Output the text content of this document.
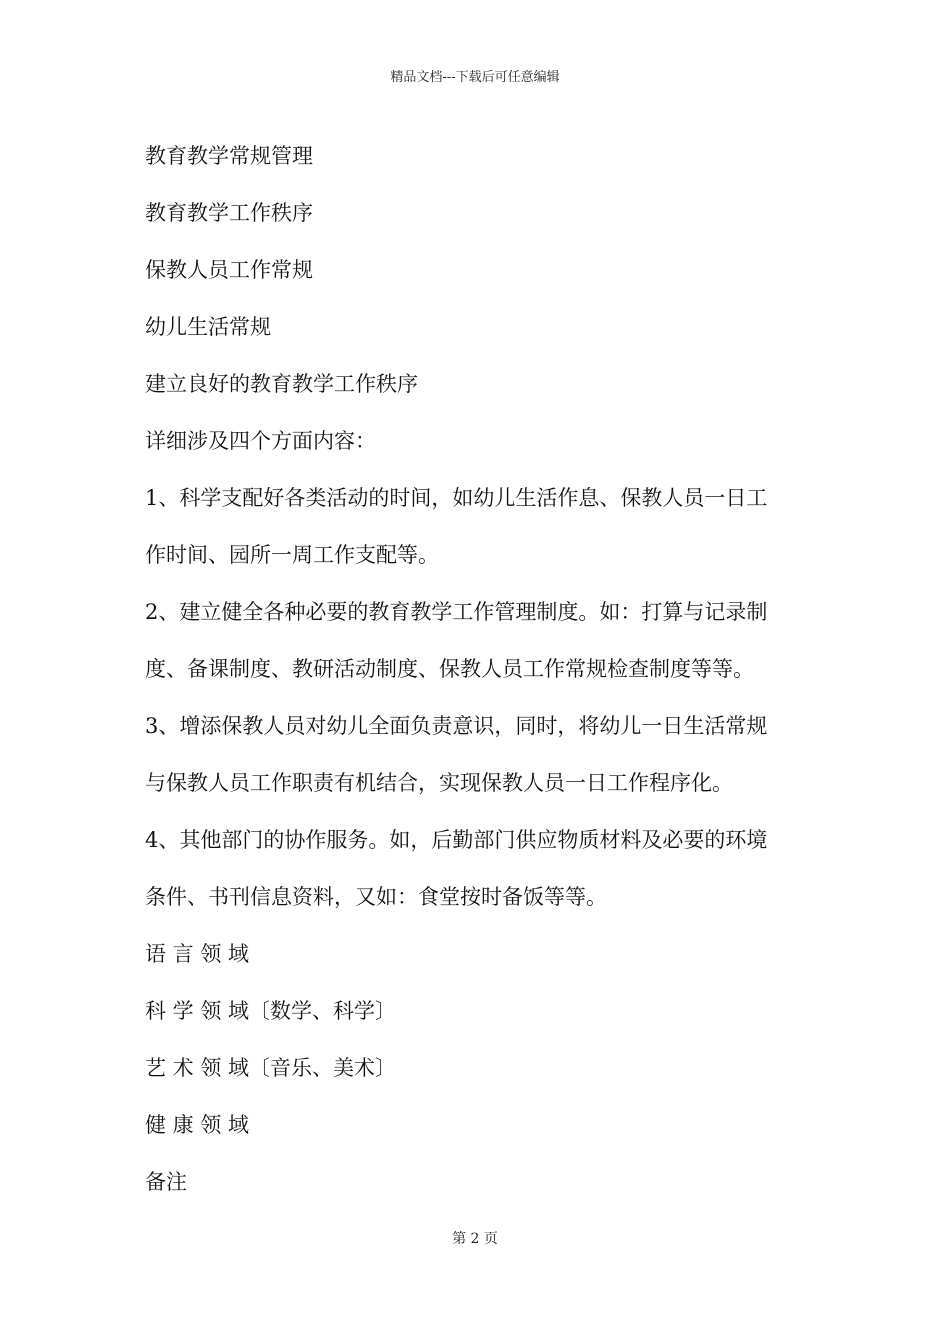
精品文档---下载后可任意编辑
教育教学常规管理
教育教学工作秩序
保教人员工作常规
幼儿生活常规
建立良好的教育教学工作秩序
详细涉及四个方面内容：
1、科学支配好各类活动的时间，如幼儿生活作息、保教人员一日工
作时间、园所一周工作支配等。
2、建立健全各种必要的教育教学工作管理制度。如：打算与记录制
度、备课制度、教研活动制度、保教人员工作常规检查制度等等。
3、增添保教人员对幼儿全面负责意识，同时，将幼儿一日生活常规
与保教人员工作职责有机结合，实现保教人员一日工作程序化。
4、其他部门的协作服务。如，后勤部门供应物质材料及必要的环境
条件、书刊信息资料，又如：食堂按时备饭等等。
语 言 领 域
科 学 领 域〔数学、科学〕
艺 术 领 域〔音乐、美术〕
健 康 领 域
备注
第 2 页
